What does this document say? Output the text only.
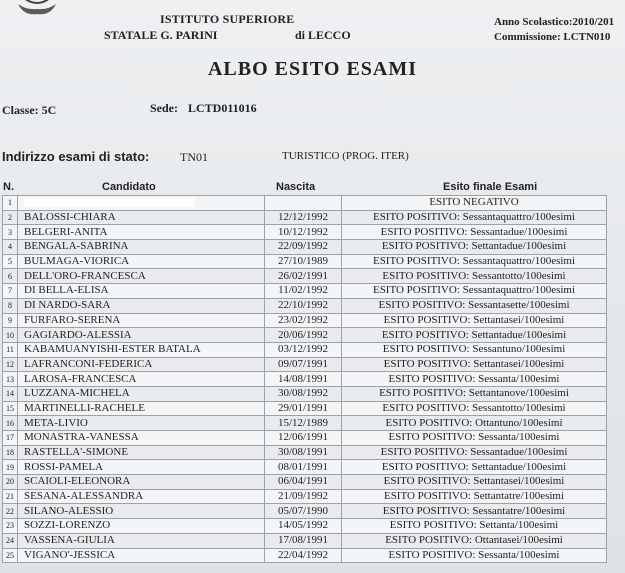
ISTITUTO SUPERIORE
STATALE G. PARINI	di LECCO
Anno Scolastico:2010/201
Commissione: LCTN010
ALBO ESITO ESAMI
Classe: 5C	Sede: LCTD011016
Indirizzo esami di stato:	TN01	TURISTICO (PROG. ITER)
N.	Candidato	Nascita	Esito finale Esami
1			ESITO NEGATIVO
2	BALOSSI-CHIARA	12/12/1992	ESITO POSITIVO: Sessantaquattro/100esimi
3	BELGERI-ANITA	10/12/1992	ESITO POSITIVO: Sessantadue/100esimi
4	BENGALA-SABRINA	22/09/1992	ESITO POSITIVO: Settantadue/100esimi
5	BULMAGA-VIORICA	27/10/1989	ESITO POSITIVO: Sessantaquattro/100esimi
6	DELL'ORO-FRANCESCA	26/02/1991	ESITO POSITIVO: Sessantotto/100esimi
7	DI BELLA-ELISA	11/02/1992	ESITO POSITIVO: Sessantaquattro/100esimi
8	DI NARDO-SARA	22/10/1992	ESITO POSITIVO: Sessantasette/100esimi
9	FURFARO-SERENA	23/02/1992	ESITO POSITIVO: Settantasei/100esimi
10	GAGIARDO-ALESSIA	20/06/1992	ESITO POSITIVO: Settantadue/100esimi
11	KABAMUANYISHI-ESTER BATALA	03/12/1992	ESITO POSITIVO: Sessantuno/100esimi
12	LAFRANCONI-FEDERICA	09/07/1991	ESITO POSITIVO: Settantasei/100esimi
13	LAROSA-FRANCESCA	14/08/1991	ESITO POSITIVO: Sessanta/100esimi
14	LUZZANA-MICHELA	30/08/1992	ESITO POSITIVO: Settantanove/100esimi
15	MARTINELLI-RACHELE	29/01/1991	ESITO POSITIVO: Sessantotto/100esimi
16	META-LIVIO	15/12/1989	ESITO POSITIVO: Ottantuno/100esimi
17	MONASTRA-VANESSA	12/06/1991	ESITO POSITIVO: Sessanta/100esimi
18	RASTELLA'-SIMONE	30/08/1991	ESITO POSITIVO: Sessantadue/100esimi
19	ROSSI-PAMELA	08/01/1991	ESITO POSITIVO: Settantadue/100esimi
20	SCAIOLI-ELEONORA	06/04/1991	ESITO POSITIVO: Settantasei/100esimi
21	SESANA-ALESSANDRA	21/09/1992	ESITO POSITIVO: Settantatre/100esimi
22	SILANO-ALESSIO	05/07/1990	ESITO POSITIVO: Sessantatre/100esimi
23	SOZZI-LORENZO	14/05/1992	ESITO POSITIVO: Settanta/100esimi
24	VASSENA-GIULIA	17/08/1991	ESITO POSITIVO: Ottantasei/100esimi
25	VIGANO'-JESSICA	22/04/1992	ESITO POSITIVO: Sessanta/100esimi
